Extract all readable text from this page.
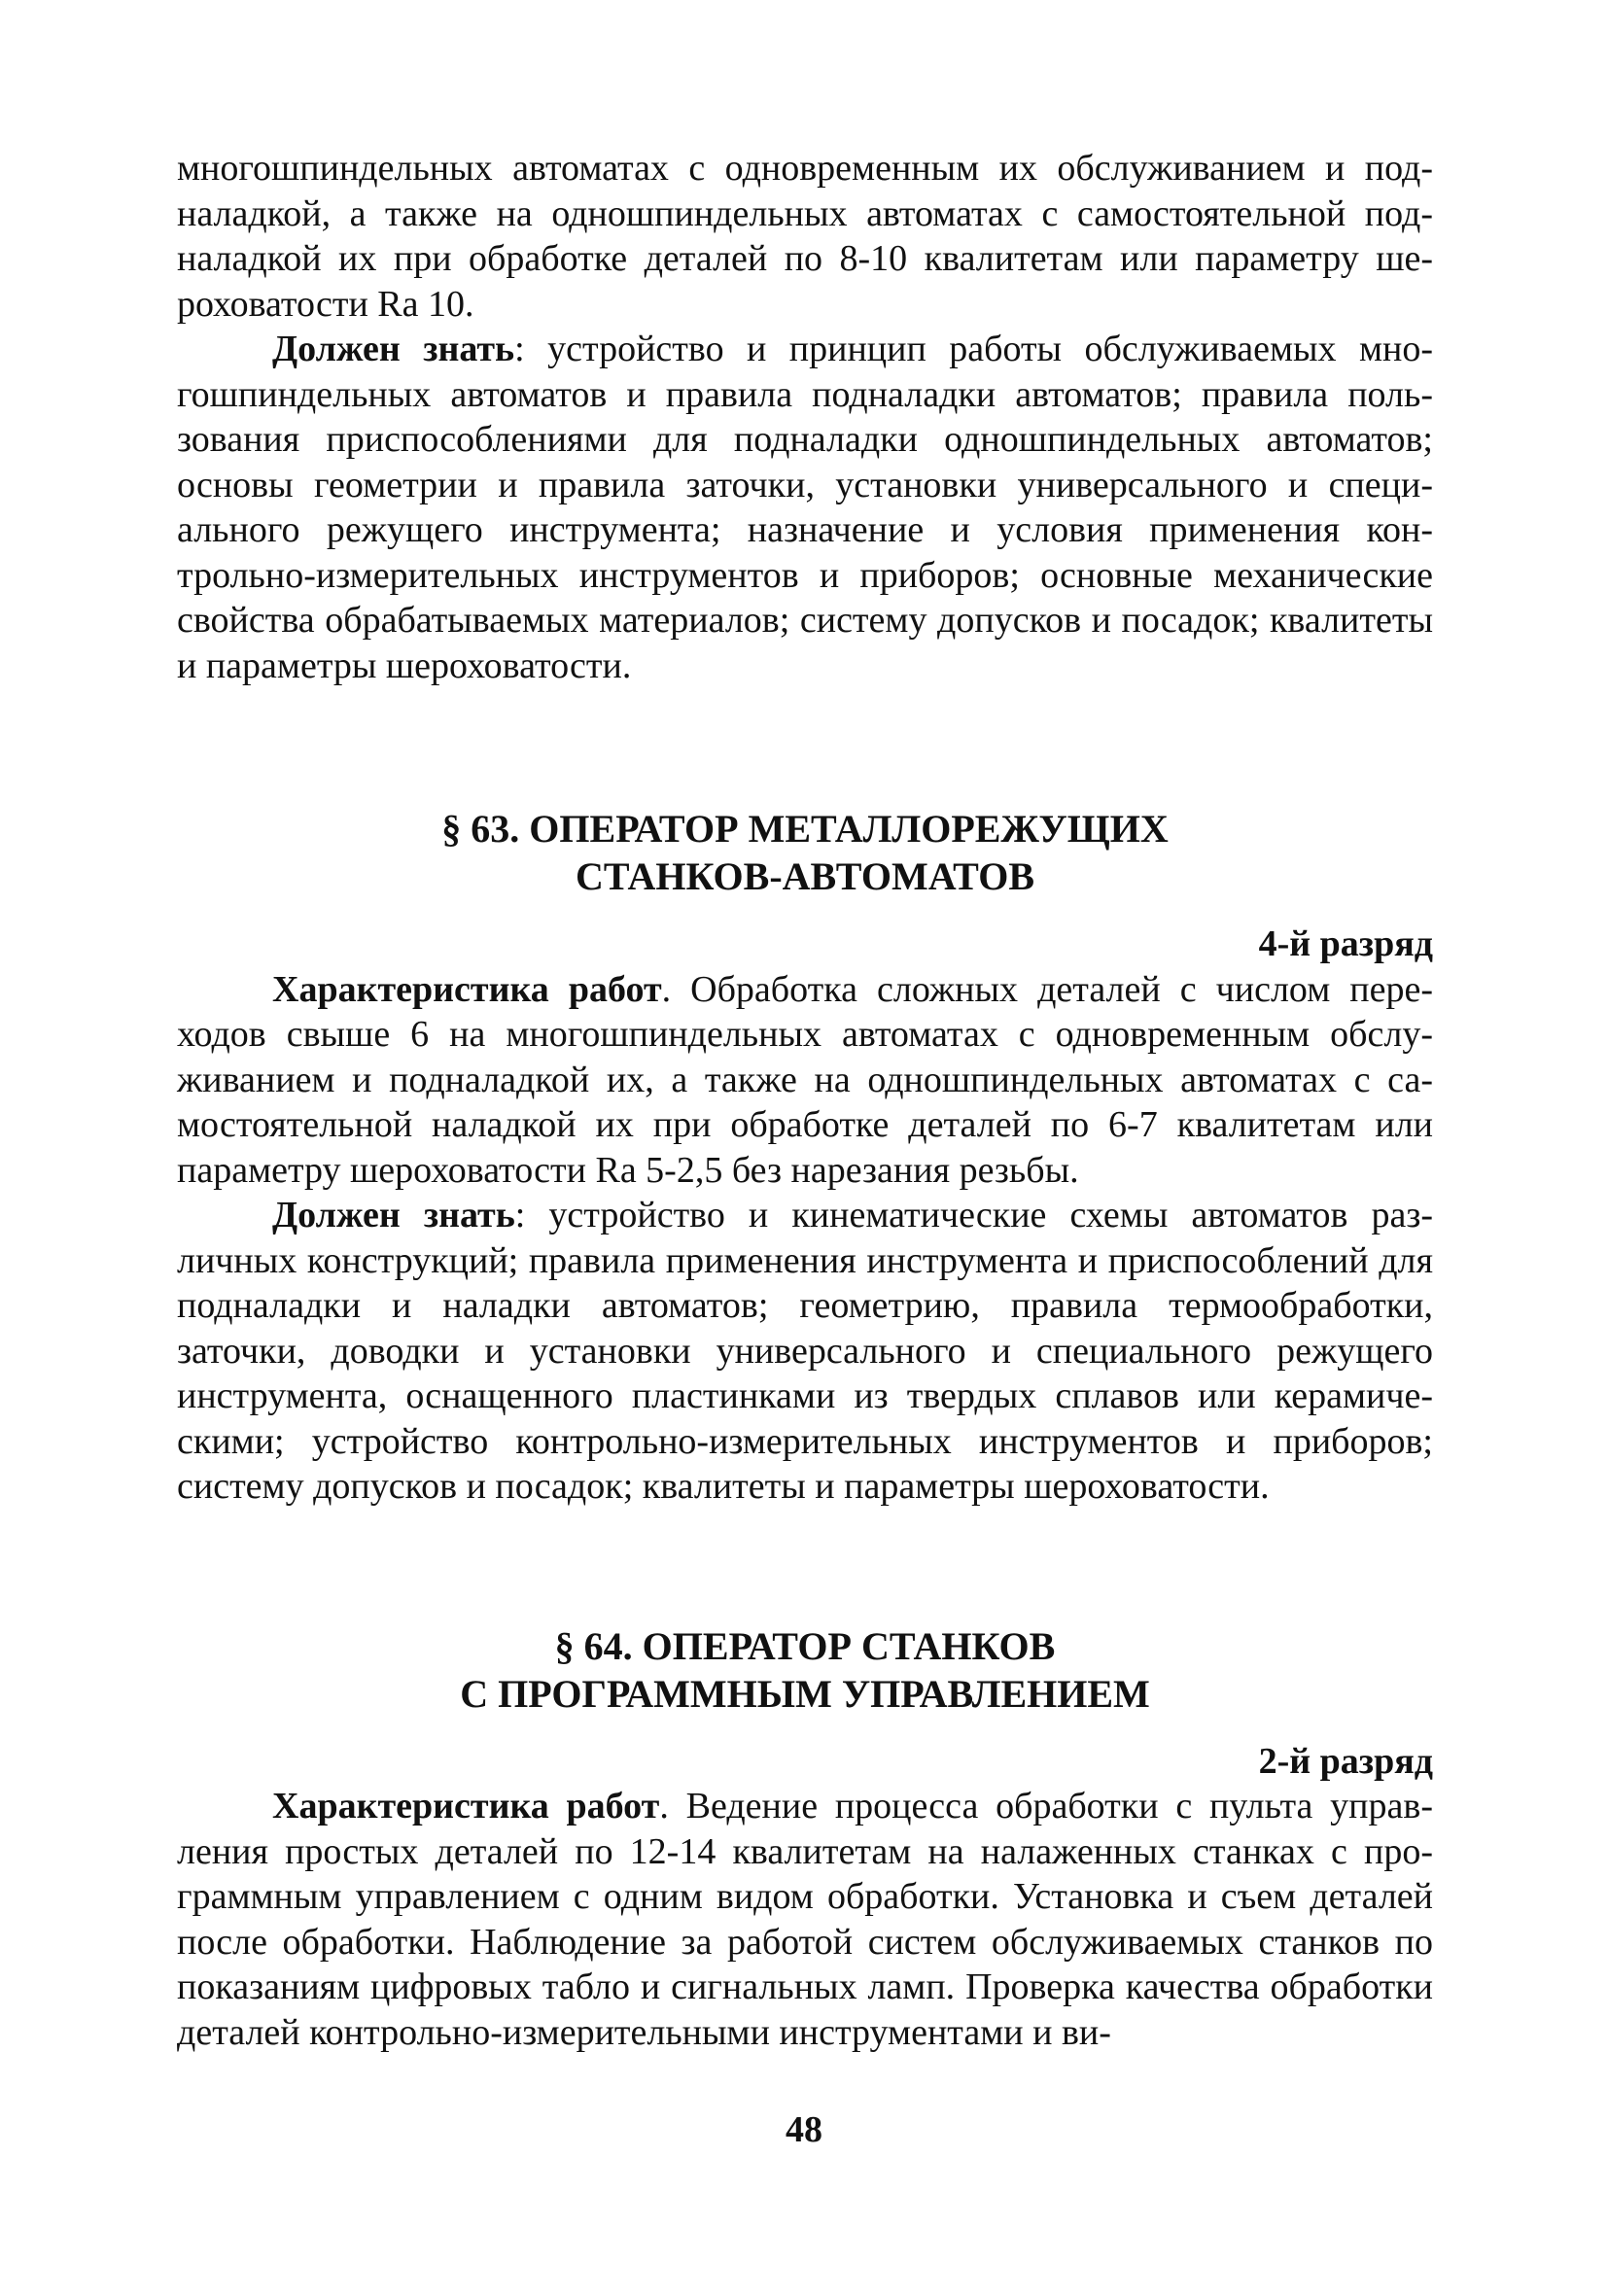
многошпиндельных автоматах с одновременным их обслуживанием и подналадкой, а также на одношпиндельных автоматах с самостоятельной подналадкой их при обработке деталей по 8-10 квалитетам или параметру шероховатости Ra 10.

Должен знать: устройство и принцип работы обслуживаемых многошпиндельных автоматов и правила подналадки автоматов; правила пользования приспособлениями для подналадки одношпиндельных автоматов; основы геометрии и правила заточки, установки универсального и специального режущего инструмента; назначение и условия применения контрольно-измерительных инструментов и приборов; основные механические свойства обрабатываемых материалов; систему допусков и посадок; квалитеты и параметры шероховатости.

§ 63. ОПЕРАТОР МЕТАЛЛОРЕЖУЩИХ
СТАНКОВ-АВТОМАТОВ
4-й разряд

Характеристика работ. Обработка сложных деталей с числом переходов свыше 6 на многошпиндельных автоматах с одновременным обслуживанием и подналадкой их, а также на одношпиндельных автоматах с самостоятельной наладкой их при обработке деталей по 6-7 квалитетам или параметру шероховатости Ra 5-2,5 без нарезания резьбы.

Должен знать: устройство и кинематические схемы автоматов различных конструкций; правила применения инструмента и приспособлений для подналадки и наладки автоматов; геометрию, правила термообработки, заточки, доводки и установки универсального и специального режущего инструмента, оснащенного пластинками из твердых сплавов или керамическими; устройство контрольно-измерительных инструментов и приборов; систему допусков и посадок; квалитеты и параметры шероховатости.

§ 64. ОПЕРАТОР СТАНКОВ
С ПРОГРАММНЫМ УПРАВЛЕНИЕМ
2-й разряд

Характеристика работ. Ведение процесса обработки с пульта управления простых деталей по 12-14 квалитетам на налаженных станках с программным управлением с одним видом обработки. Установка и съем деталей после обработки. Наблюдение за работой систем обслуживаемых станков по показаниям цифровых табло и сигнальных ламп. Проверка качества обработки деталей контрольно-измерительными инструментами и ви-

48
